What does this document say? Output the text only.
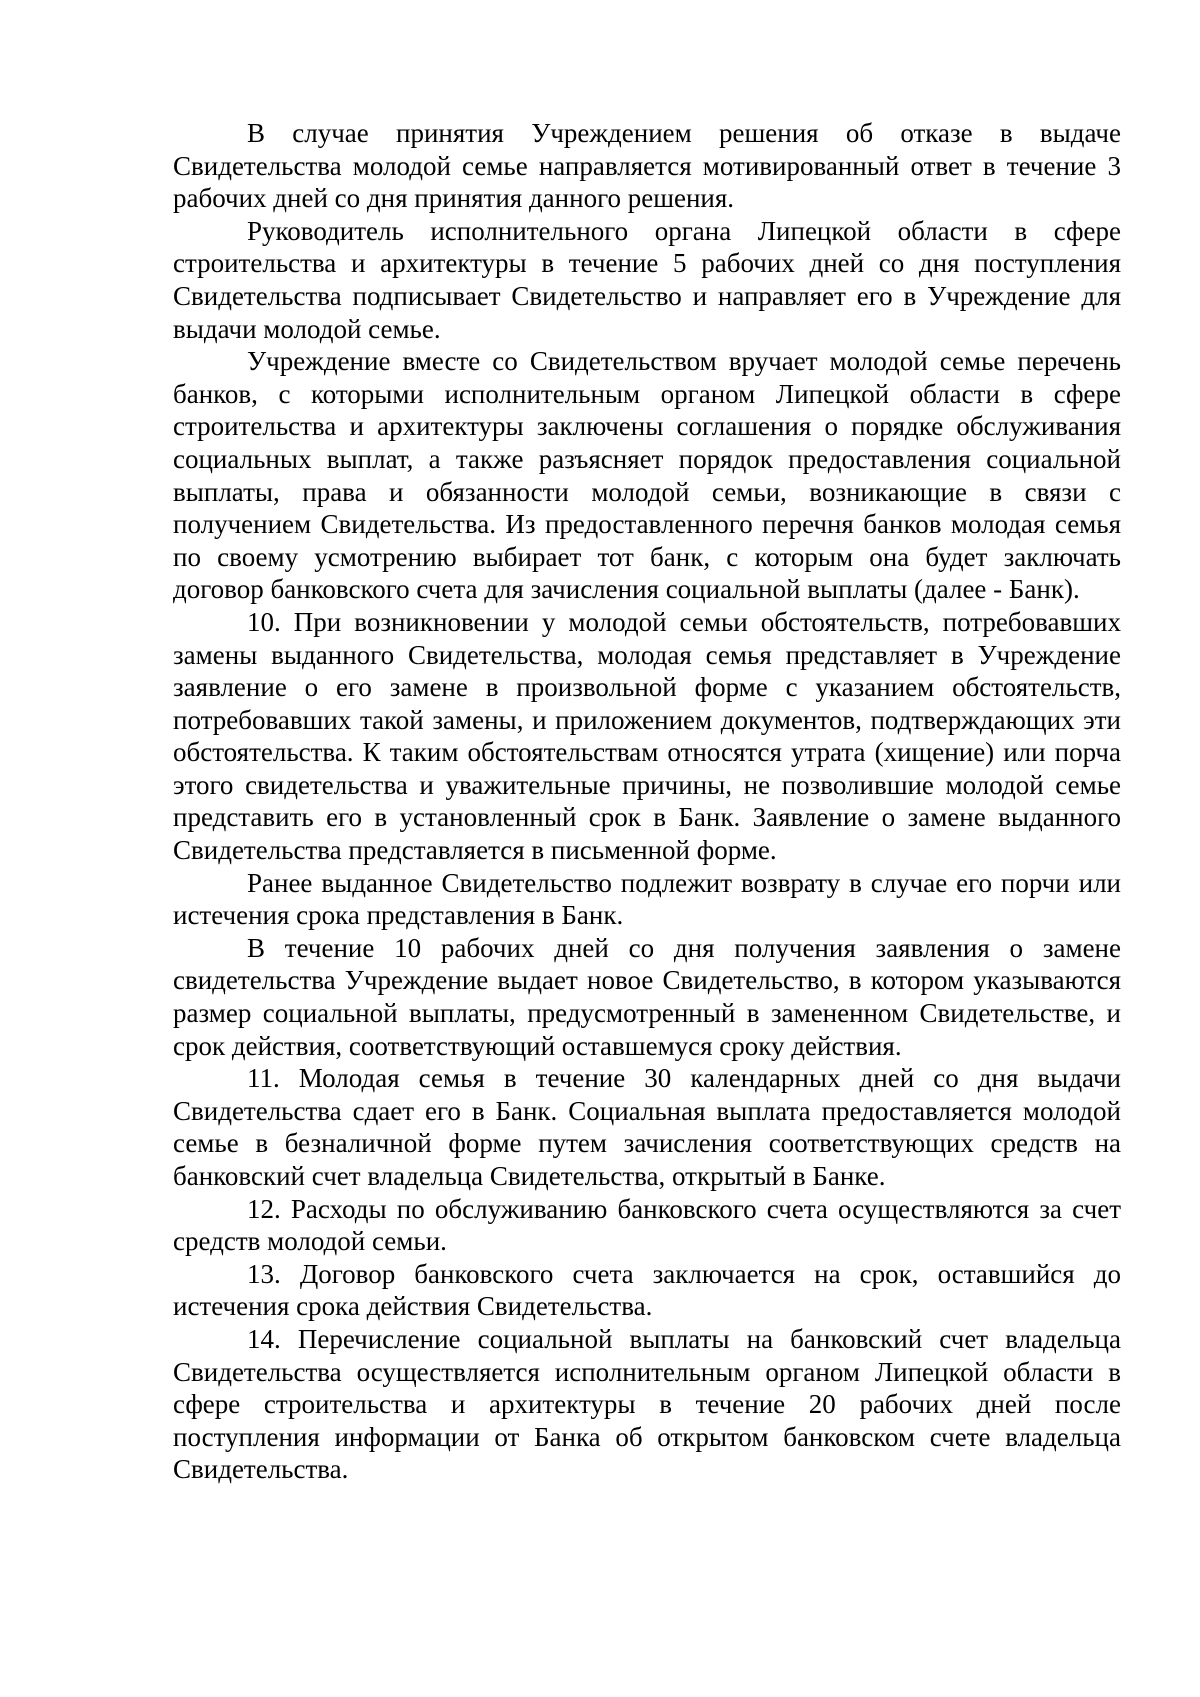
В случае принятия Учреждением решения об отказе в выдаче Свидетельства молодой семье направляется мотивированный ответ в течение 3 рабочих дней со дня принятия данного решения.

Руководитель исполнительного органа Липецкой области в сфере строительства и архитектуры в течение 5 рабочих дней со дня поступления Свидетельства подписывает Свидетельство и направляет его в Учреждение для выдачи молодой семье.

Учреждение вместе со Свидетельством вручает молодой семье перечень банков, с которыми исполнительным органом Липецкой области в сфере строительства и архитектуры заключены соглашения о порядке обслуживания социальных выплат, а также разъясняет порядок предоставления социальной выплаты, права и обязанности молодой семьи, возникающие в связи с получением Свидетельства. Из предоставленного перечня банков молодая семья по своему усмотрению выбирает тот банк, с которым она будет заключать договор банковского счета для зачисления социальной выплаты (далее - Банк).

10. При возникновении у молодой семьи обстоятельств, потребовавших замены выданного Свидетельства, молодая семья представляет в Учреждение заявление о его замене в произвольной форме с указанием обстоятельств, потребовавших такой замены, и приложением документов, подтверждающих эти обстоятельства. К таким обстоятельствам относятся утрата (хищение) или порча этого свидетельства и уважительные причины, не позволившие молодой семье представить его в установленный срок в Банк. Заявление о замене выданного Свидетельства представляется в письменной форме.

Ранее выданное Свидетельство подлежит возврату в случае его порчи или истечения срока представления в Банк.

В течение 10 рабочих дней со дня получения заявления о замене свидетельства Учреждение выдает новое Свидетельство, в котором указываются размер социальной выплаты, предусмотренный в замененном Свидетельстве, и срок действия, соответствующий оставшемуся сроку действия.

11. Молодая семья в течение 30 календарных дней со дня выдачи Свидетельства сдает его в Банк. Социальная выплата предоставляется молодой семье в безналичной форме путем зачисления соответствующих средств на банковский счет владельца Свидетельства, открытый в Банке.

12. Расходы по обслуживанию банковского счета осуществляются за счет средств молодой семьи.

13. Договор банковского счета заключается на срок, оставшийся до истечения срока действия Свидетельства.

14. Перечисление социальной выплаты на банковский счет владельца Свидетельства осуществляется исполнительным органом Липецкой области в сфере строительства и архитектуры в течение 20 рабочих дней после поступления информации от Банка об открытом банковском счете владельца Свидетельства.
